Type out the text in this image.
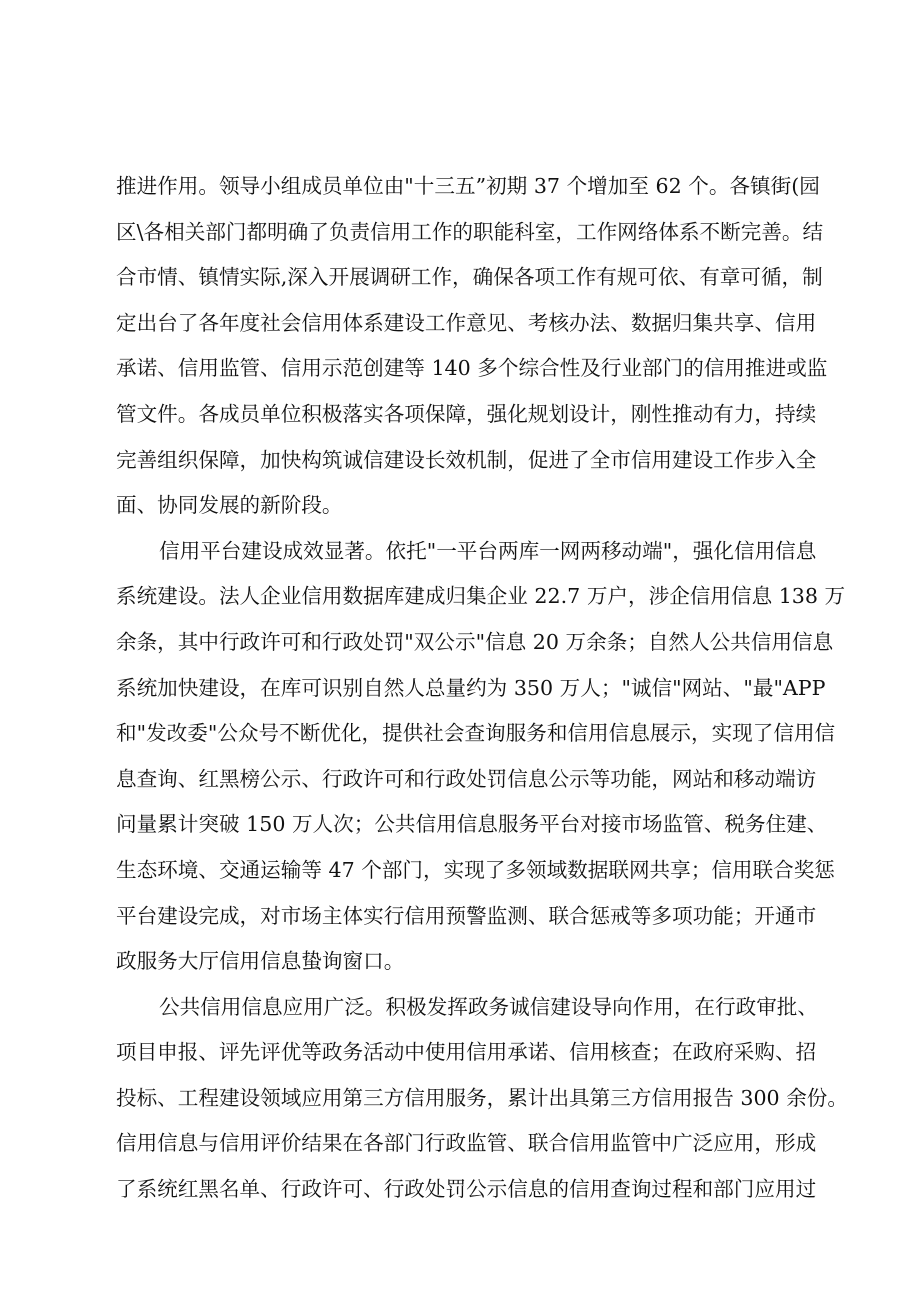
推进作用。领导小组成员单位由"十三五”初期 37 个增加至 62 个。各镇街(园
区\各相关部门都明确了负责信用工作的职能科室，工作网络体系不断完善。结
合市情、镇情实际,深入开展调研工作，确保各项工作有规可依、有章可循，制
定出台了各年度社会信用体系建设工作意见、考核办法、数据归集共享、信用
承诺、信用监管、信用示范创建等 140 多个综合性及行业部门的信用推进或监
管文件。各成员单位积极落实各项保障，强化规划设计，刚性推动有力，持续
完善组织保障，加快构筑诚信建设长效机制，促进了全市信用建设工作步入全
面、协同发展的新阶段。

信用平台建设成效显著。依托"一平台两库一网两移动端"，强化信用信息
系统建设。法人企业信用数据库建成归集企业 22.7 万户，涉企信用信息 138 万
余条，其中行政许可和行政处罚"双公示"信息 20 万余条；自然人公共信用信息
系统加快建设，在库可识别自然人总量约为 350 万人；"诚信"网站、"最"APP
和"发改委"公众号不断优化，提供社会查询服务和信用信息展示，实现了信用信
息查询、红黑榜公示、行政许可和行政处罚信息公示等功能，网站和移动端访
问量累计突破 150 万人次；公共信用信息服务平台对接市场监管、税务住建、
生态环境、交通运输等 47 个部门，实现了多领域数据联网共享；信用联合奖惩
平台建设完成，对市场主体实行信用预警监测、联合惩戒等多项功能；开通市
政服务大厅信用信息蛰询窗口。

公共信用信息应用广泛。积极发挥政务诚信建设导向作用，在行政审批、
项目申报、评先评优等政务活动中使用信用承诺、信用核查；在政府采购、招
投标、工程建设领域应用第三方信用服务，累计出具第三方信用报告 300 余份。
信用信息与信用评价结果在各部门行政监管、联合信用监管中广泛应用，形成
了系统红黑名单、行政许可、行政处罚公示信息的信用查询过程和部门应用过
